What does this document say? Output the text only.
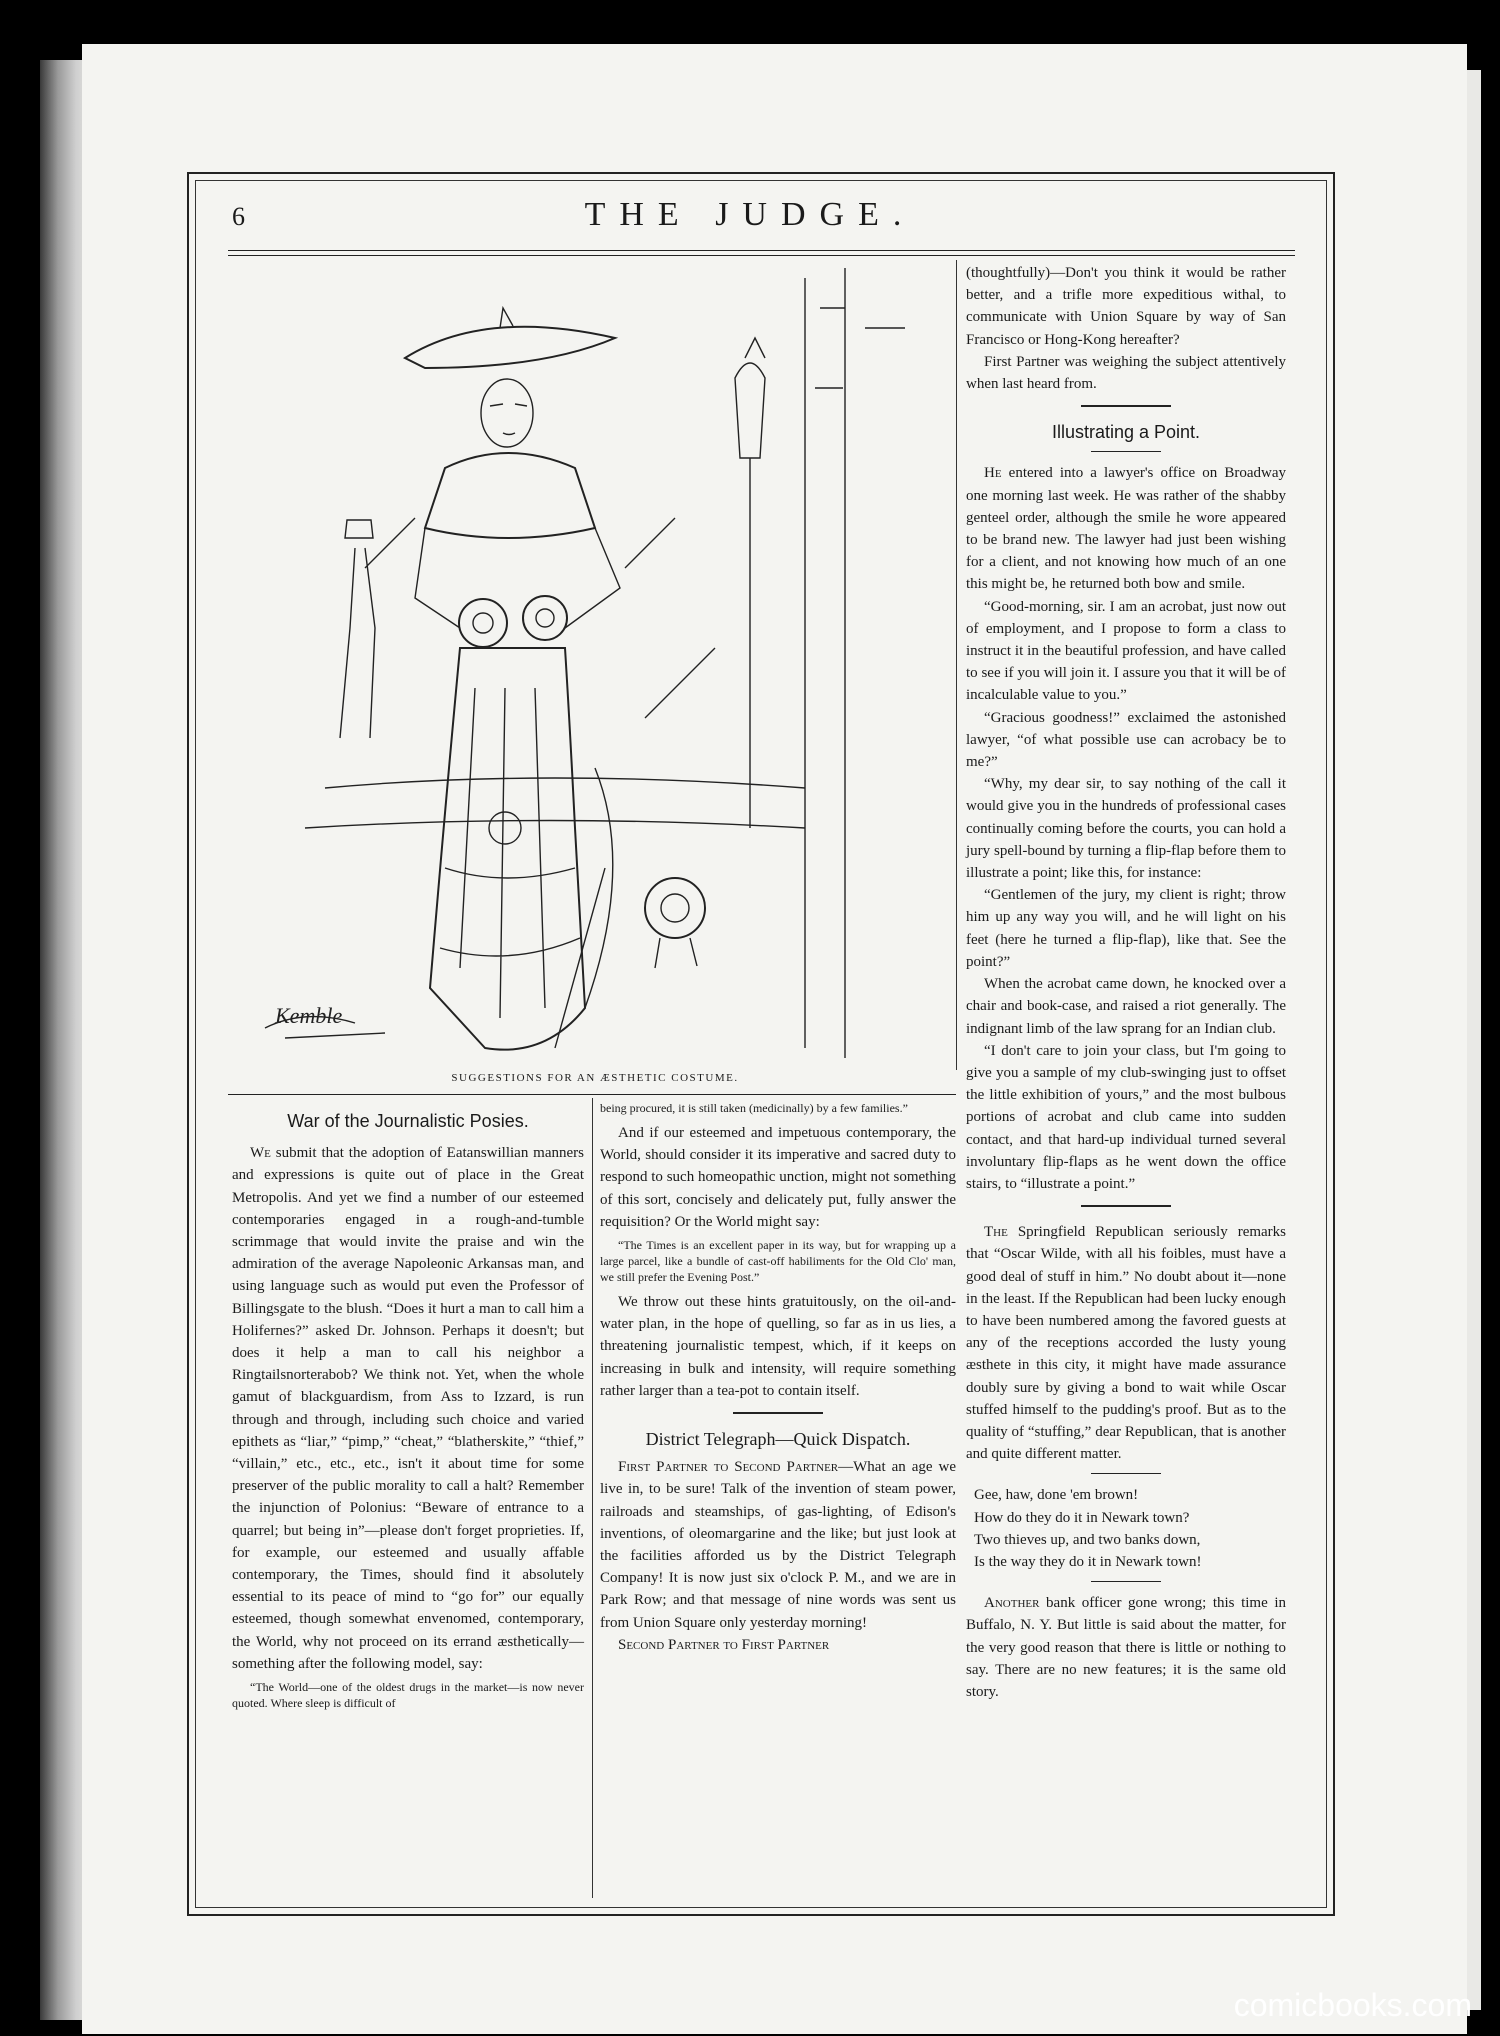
6	THE JUDGE.
Kemble
SUGGESTIONS FOR AN ÆSTHETIC COSTUME.
War of the Journalistic Posies.

We submit that the adoption of Eatanswillian manners and expressions is quite out of place in the Great Metropolis. And yet we find a number of our esteemed contemporaries engaged in a rough-and-tumble scrimmage that would invite the praise and win the admiration of the average Napoleonic Arkansas man, and using language such as would put even the Professor of Billingsgate to the blush. “Does it hurt a man to call him a Holifernes?” asked Dr. Johnson. Perhaps it doesn't; but does it help a man to call his neighbor a Ringtailsnorterabob? We think not. Yet, when the whole gamut of blackguardism, from Ass to Izzard, is run through and through, including such choice and varied epithets as “liar,” “pimp,” “cheat,” “blatherskite,” “thief,” “villain,” etc., etc., etc., isn't it about time for some preserver of the public morality to call a halt? Remember the injunction of Polonius: “Beware of entrance to a quarrel; but being in”—please don't forget proprieties. If, for example, our esteemed and usually affable contemporary, the Times, should find it absolutely essential to its peace of mind to “go for” our equally esteemed, though somewhat envenomed, contemporary, the World, why not proceed on its errand æsthetically—something after the following model, say:

“The World—one of the oldest drugs in the market—is now never quoted. Where sleep is difficult of

being procured, it is still taken (medicinally) by a few families.”

And if our esteemed and impetuous contemporary, the World, should consider it its imperative and sacred duty to respond to such homeopathic unction, might not something of this sort, concisely and delicately put, fully answer the requisition? Or the World might say:

“The Times is an excellent paper in its way, but for wrapping up a large parcel, like a bundle of cast-off habiliments for the Old Clo' man, we still prefer the Evening Post.”

We throw out these hints gratuitously, on the oil-and-water plan, in the hope of quelling, so far as in us lies, a threatening journalistic tempest, which, if it keeps on increasing in bulk and intensity, will require something rather larger than a tea-pot to contain itself.

District Telegraph—Quick Dispatch.

First Partner to Second Partner—What an age we live in, to be sure! Talk of the invention of steam power, railroads and steamships, of gas-lighting, of Edison's inventions, of oleomargarine and the like; but just look at the facilities afforded us by the District Telegraph Company! It is now just six o'clock P. M., and we are in Park Row; and that message of nine words was sent us from Union Square only yesterday morning!

Second Partner to First Partner

(thoughtfully)—Don't you think it would be rather better, and a trifle more expeditious withal, to communicate with Union Square by way of San Francisco or Hong-Kong hereafter?

First Partner was weighing the subject attentively when last heard from.

Illustrating a Point.

He entered into a lawyer's office on Broadway one morning last week. He was rather of the shabby genteel order, although the smile he wore appeared to be brand new. The lawyer had just been wishing for a client, and not knowing how much of an one this might be, he returned both bow and smile.

“Good-morning, sir. I am an acrobat, just now out of employment, and I propose to form a class to instruct it in the beautiful profession, and have called to see if you will join it. I assure you that it will be of incalculable value to you.”

“Gracious goodness!” exclaimed the astonished lawyer, “of what possible use can acrobacy be to me?”

“Why, my dear sir, to say nothing of the call it would give you in the hundreds of professional cases continually coming before the courts, you can hold a jury spell-bound by turning a flip-flap before them to illustrate a point; like this, for instance:

“Gentlemen of the jury, my client is right; throw him up any way you will, and he will light on his feet (here he turned a flip-flap), like that. See the point?”

When the acrobat came down, he knocked over a chair and book-case, and raised a riot generally. The indignant limb of the law sprang for an Indian club.

“I don't care to join your class, but I'm going to give you a sample of my club-swinging just to offset the little exhibition of yours,” and the most bulbous portions of acrobat and club came into sudden contact, and that hard-up individual turned several involuntary flip-flaps as he went down the office stairs, to “illustrate a point.”

The Springfield Republican seriously remarks that “Oscar Wilde, with all his foibles, must have a good deal of stuff in him.” No doubt about it—none in the least. If the Republican had been lucky enough to have been numbered among the favored guests at any of the receptions accorded the lusty young æsthete in this city, it might have made assurance doubly sure by giving a bond to wait while Oscar stuffed himself to the pudding's proof. But as to the quality of “stuffing,” dear Republican, that is another and quite different matter.

Gee, haw, done 'em brown!
How do they do it in Newark town?
Two thieves up, and two banks down,
Is the way they do it in Newark town!

Another bank officer gone wrong; this time in Buffalo, N. Y. But little is said about the matter, for the very good reason that there is little or nothing to say. There are no new features; it is the same old story.

comicbooks.com
